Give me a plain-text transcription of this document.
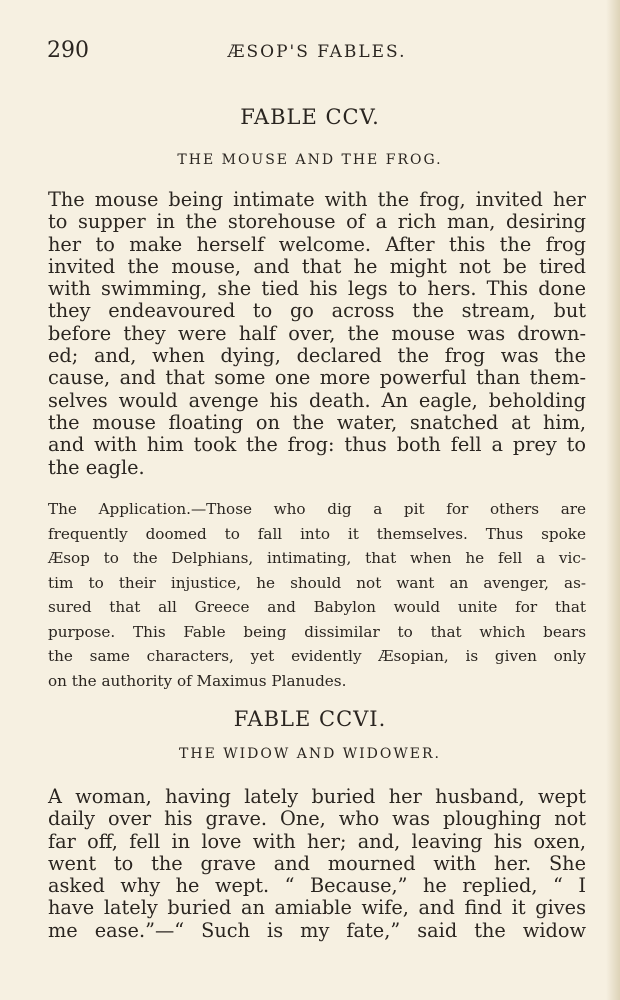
290	ÆSOP'S FABLES.
FABLE CCV.
THE MOUSE AND THE FROG.
The mouse being intimate with the frog, invited her
to supper in the storehouse of a rich man, desiring
her to make herself welcome. After this the frog
invited the mouse, and that he might not be tired
with swimming, she tied his legs to hers. This done
they endeavoured to go across the stream, but
before they were half over, the mouse was drown-
ed; and, when dying, declared the frog was the
cause, and that some one more powerful than them-
selves would avenge his death. An eagle, beholding
the mouse floating on the water, snatched at him,
and with him took the frog: thus both fell a prey to
the eagle.
The Application.—Those who dig a pit for others are
frequently doomed to fall into it themselves. Thus spoke
Æsop to the Delphians, intimating, that when he fell a vic-
tim to their injustice, he should not want an avenger, as-
sured that all Greece and Babylon would unite for that
purpose. This Fable being dissimilar to that which bears
the same characters, yet evidently Æsopian, is given only
on the authority of Maximus Planudes.
FABLE CCVI.
THE WIDOW AND WIDOWER.
A woman, having lately buried her husband, wept
daily over his grave. One, who was ploughing not
far off, fell in love with her; and, leaving his oxen,
went to the grave and mourned with her. She
asked why he wept. “ Because,” he replied, “ I
have lately buried an amiable wife, and find it gives
me ease.”—“ Such is my fate,” said the widow
